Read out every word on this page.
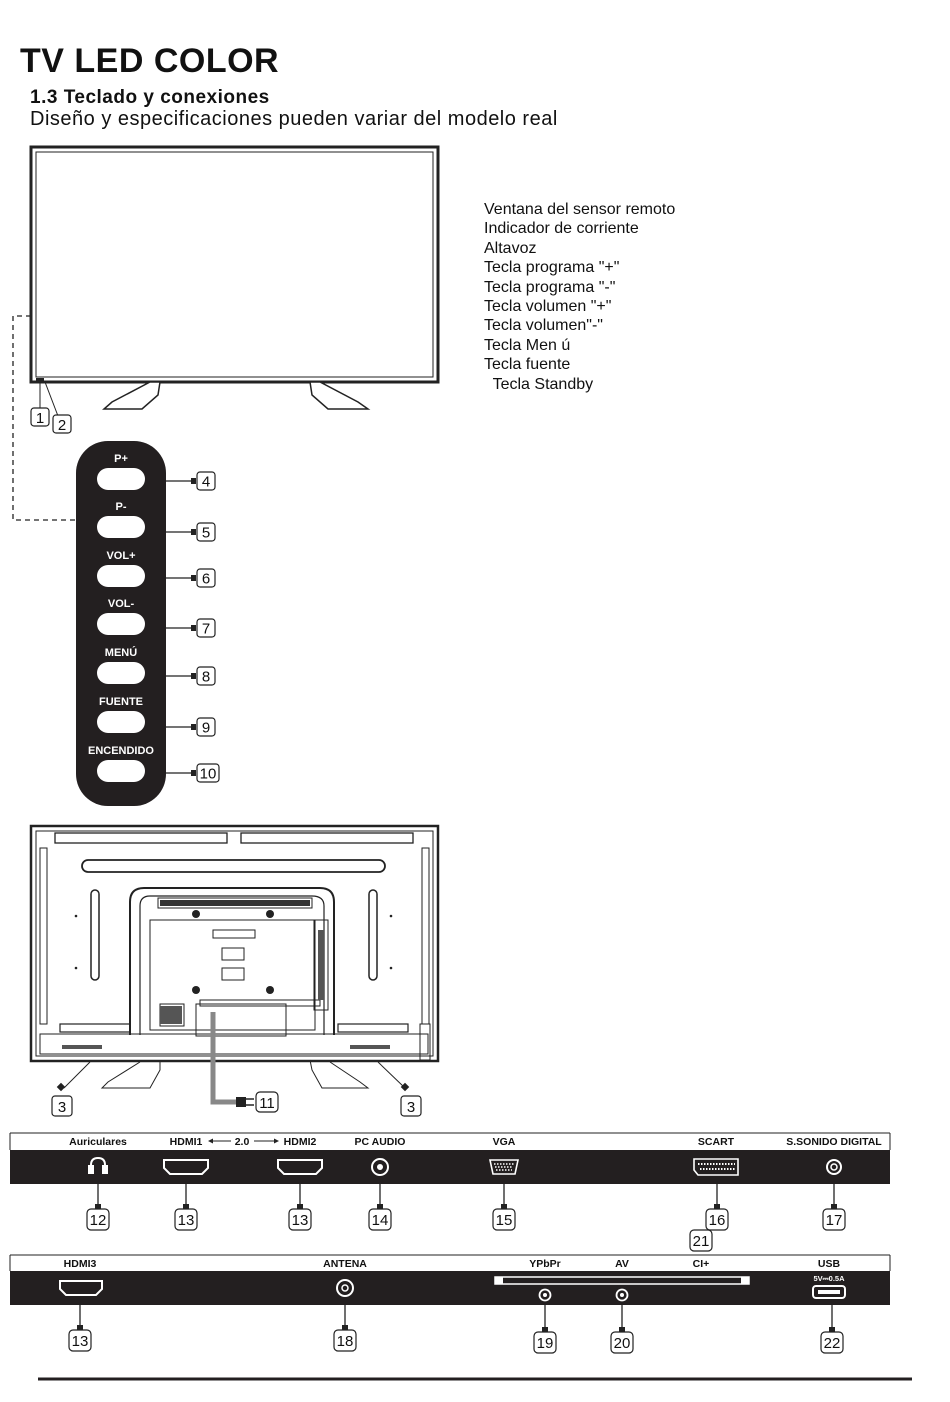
TV LED COLOR
1.3 Teclado y conexiones
Diseño y especificaciones pueden variar del modelo real
Ventana del sensor remoto
Indicador de corriente
Altavoz
Tecla programa "+"
Tecla programa "-"
Tecla volumen "+"
Tecla volumen"-"
Tecla Men ú
Tecla fuente
Tecla Standby
1 2
P+
4
P-
5
VOL+
6
VOL-
7
MENÚ
8
FUENTE
9
ENCENDIDO
10
11
3	3
Auriculares	HDMI1	2.0	HDMI2	PC AUDIO	VGA	SCART	S.SONIDO DIGITAL
12	13	13	14	15	16
21
17
HDMI3	ANTENA	YPbPr	AV	CI+	USB
5V⎓0.5A
13	18	19	20	22
